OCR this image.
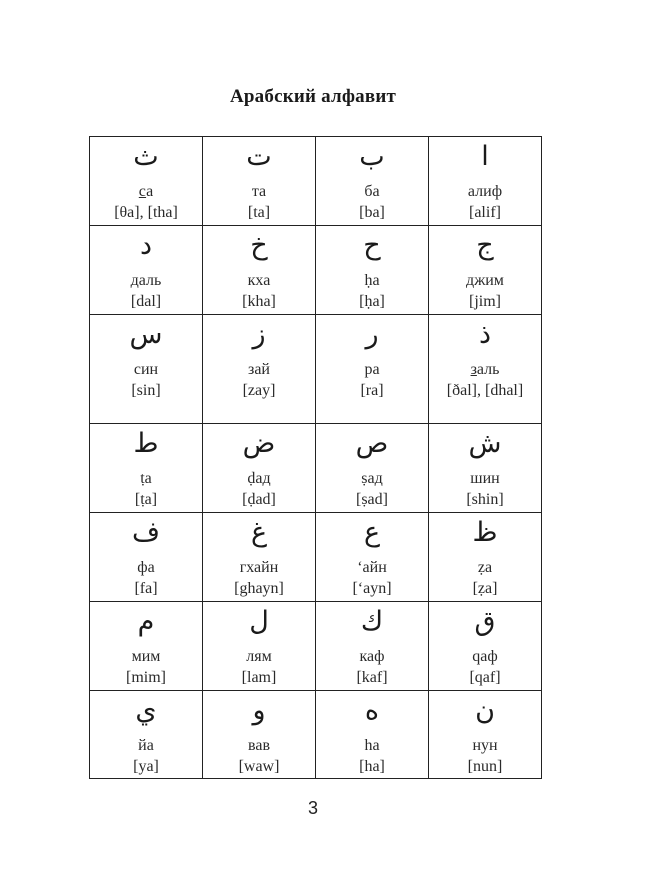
Арабский алфавит
ث
са
[θa], [tha]	ت
та
[ta]	ب
ба
[ba]	ا
алиф
[alif]

د
даль
[dal]	خ
кха
[kha]	ح
ḥа
[ḥa]	ج
джим
[jim]

س
син
[sin]	ز
зай
[zay]	ر
ра
[ra]	ذ
заль
[ðal], [dhal]

ط
ṭа
[ṭa]	ض
ḍад
[ḍad]	ص
ṣад
[ṣad]	ش
шин
[shin]

ف
фа
[fa]	غ
гхайн
[ghayn]	ع
‘айн
[‘ayn]	ظ
ẓа
[ẓa]

م
мим
[mim]	ل
лям
[lam]	ك
каф
[kaf]	ق
qаф
[qaf]

ي
йа
[ya]	و
вав
[waw]	ه
hа
[ha]	ن
нун
[nun]
3
